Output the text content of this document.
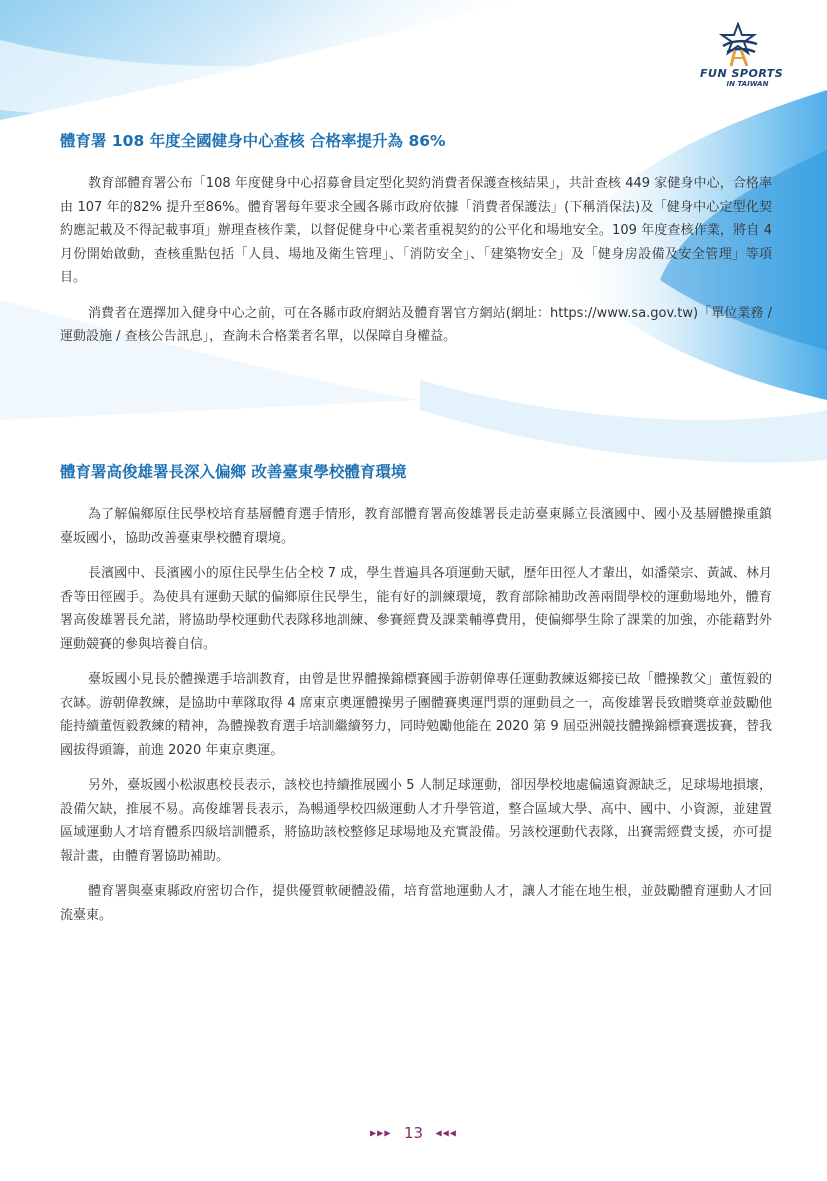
FUN SPORTS
IN TAIWAN
體育署 108 年度全國健身中心查核 合格率提升為 86%

教育部體育署公布「108 年度健身中心招募會員定型化契約消費者保護查核結果」，共計查核 449 家健身中心，合格率由 107 年的82% 提升至86%。體育署每年要求全國各縣市政府依據「消費者保護法」(下稱消保法)及「健身中心定型化契約應記載及不得記載事項」辦理查核作業，以督促健身中心業者重視契約的公平化和場地安全。109 年度查核作業，將自 4 月份開始啟動，查核重點包括「人員、場地及衛生管理」、「消防安全」、「建築物安全」及「健身房設備及安全管理」等項目。

消費者在選擇加入健身中心之前，可在各縣市政府網站及體育署官方網站(網址：https://www.sa.gov.tw)「單位業務 / 運動設施 / 查核公告訊息」，查詢未合格業者名單，以保障自身權益。

體育署高俊雄署長深入偏鄉 改善臺東學校體育環境

為了解偏鄉原住民學校培育基層體育選手情形，教育部體育署高俊雄署長走訪臺東縣立長濱國中、國小及基層體操重鎮臺坂國小，協助改善臺東學校體育環境。

長濱國中、長濱國小的原住民學生佔全校 7 成，學生普遍具各項運動天賦，歷年田徑人才輩出，如潘榮宗、黃誠、林月香等田徑國手。為使具有運動天賦的偏鄉原住民學生，能有好的訓練環境，教育部除補助改善兩間學校的運動場地外，體育署高俊雄署長允諾，將協助學校運動代表隊移地訓練、參賽經費及課業輔導費用，使偏鄉學生除了課業的加強，亦能藉對外運動競賽的參與培養自信。

臺坂國小見長於體操選手培訓教育，由曾是世界體操錦標賽國手游朝偉專任運動教練返鄉接已故「體操教父」董恆毅的衣缽。游朝偉教練，是協助中華隊取得 4 席東京奧運體操男子團體賽奧運門票的運動員之一，高俊雄署長致贈獎章並鼓勵他能持續董恆毅教練的精神，為體操教育選手培訓繼續努力，同時勉勵他能在 2020 第 9 屆亞洲競技體操錦標賽選拔賽，替我國拔得頭籌，前進 2020 年東京奧運。

另外，臺坂國小松淑惠校長表示，該校也持續推展國小 5 人制足球運動，卻因學校地處偏遠資源缺乏，足球場地損壞，設備欠缺，推展不易。高俊雄署長表示，為暢通學校四級運動人才升學管道，整合區域大學、高中、國中、小資源，並建置區域運動人才培育體系四級培訓體系，將協助該校整修足球場地及充實設備。另該校運動代表隊，出賽需經費支援，亦可提報計畫，由體育署協助補助。

體育署與臺東縣政府密切合作，提供優質軟硬體設備，培育當地運動人才，讓人才能在地生根，並鼓勵體育運動人才回流臺東。

▶▶▶ 13 ◀◀◀
